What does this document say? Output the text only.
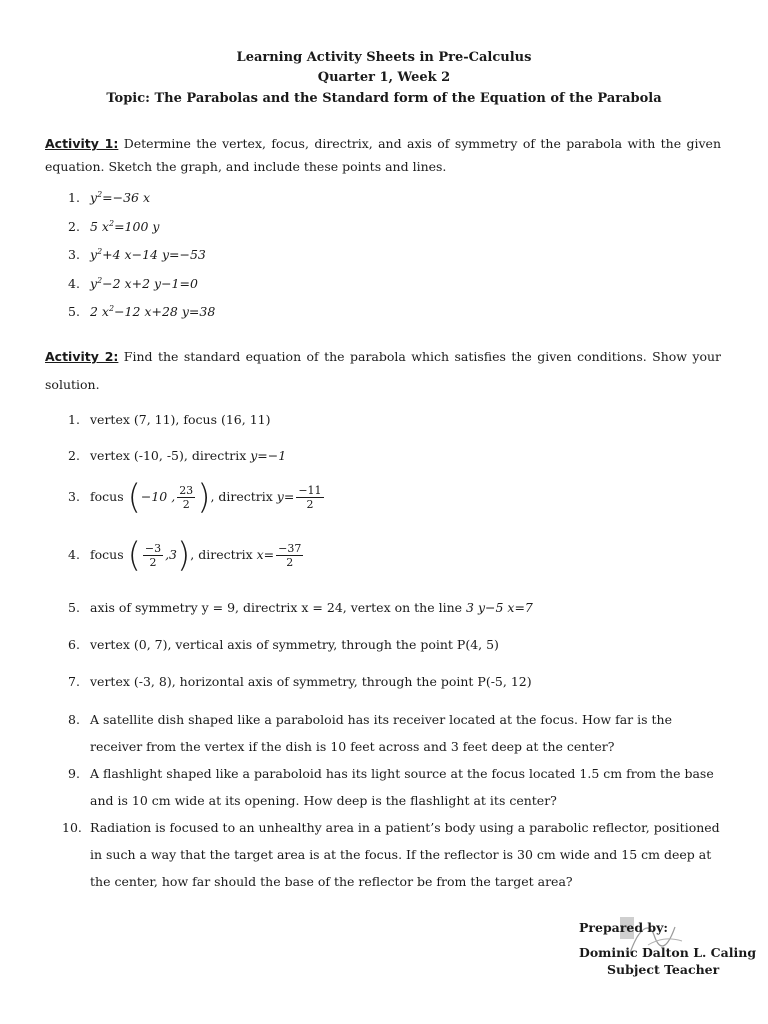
Learning Activity Sheets in Pre-Calculus
Quarter 1, Week 2
Topic: The Parabolas and the Standard form of the Equation of the Parabola
Activity 1: Determine the vertex, focus, directrix, and axis of symmetry of the parabola with the given equation. Sketch the graph, and include these points and lines.
1. $y^2=-36$ x
2. 5 $x^2=100$ y
3. $y^2+4$ x−14 y=−53
4. $y^2-2$ x+2 y−1=0
5. 2 $x^2-12$ x+28 y=38
Activity 2: Find the standard equation of the parabola which satisfies the given conditions. Show your solution.
1. vertex (7, 11), focus (16, 11)
2. vertex (-10, -5), directrix y=−1
3. focus (−10 , $\frac{23}{2}$ ), directrix $y= \frac{-11}{2}$
4. focus ( $\frac{-3}{2} ,3$), directrix $x= \frac{-37}{2}$
5. axis of symmetry y = 9, directrix x = 24, vertex on the line 3 y−5 x=7
6. vertex (0, 7), vertical axis of symmetry, through the point P(4, 5)
7. vertex (-3, 8), horizontal axis of symmetry, through the point P(-5, 12)
8. A satellite dish shaped like a paraboloid has its receiver located at the focus. How far is the
receiver from the vertex if the dish is 10 feet across and 3 feet deep at the center?
9. A flashlight shaped like a paraboloid has its light source at the focus located 1.5 cm from the base
and is 10 cm wide at its opening. How deep is the flashlight at its center?
10. Radiation is focused to an unhealthy area in a patient’s body using a parabolic reflector, positioned
in such a way that the target area is at the focus. If the reflector is 30 cm wide and 15 cm deep at
the center, how far should the base of the reflector be from the target area?
Prepared by:
Dominic Dalton L. Caling
Subject Teacher
